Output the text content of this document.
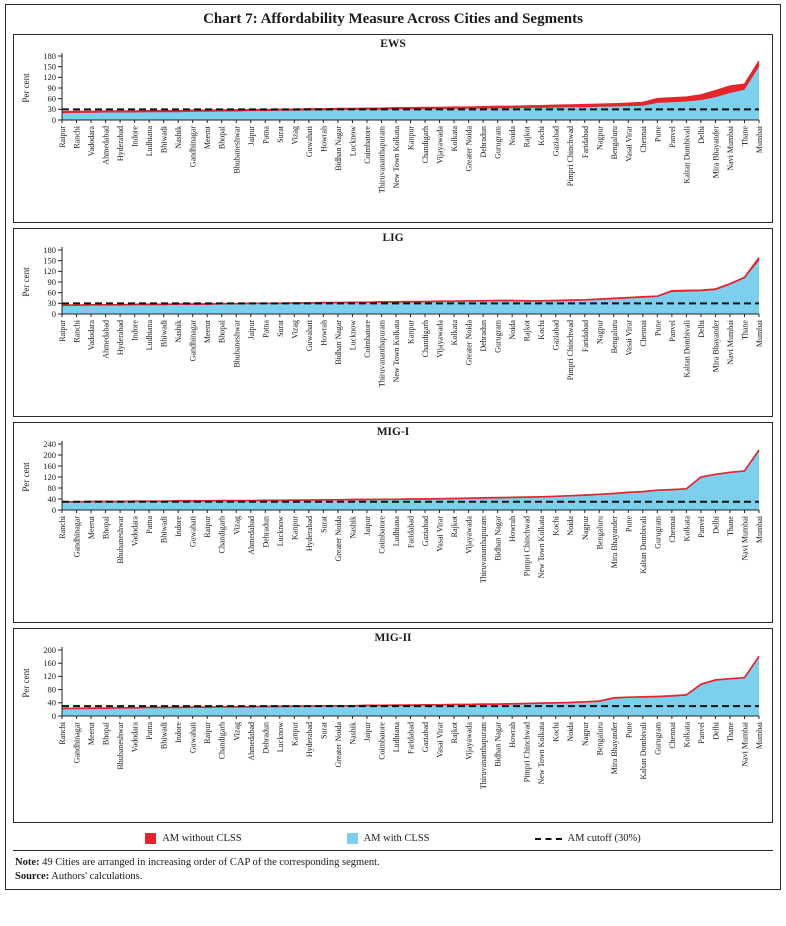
Chart 7: Affordability Measure Across Cities and Segments
EWS
0
30
60
90
120
150
180
Per cent
Raipur Ranchi Vadodara Ahmedabad Hyderabad Indore Ludhiana Bhiwadi Nashik Gandhinagar Meerut Bhopal Bhubaneshwar Jaipur Patna Surat Vizag Guwahati Howrah Bidhan Nagar Lucknow Coimbatore Thiruvananthapuram New Town Kolkata Kanpur Chandigarh Vijayawada Kolkata Greater Noida Dehradun Gurugram Noida Rajkot Kochi Gaziabad Pimpri Chinchwad Faridabad Nagpur Bengaluru Vasai Virar Chennai Pune Panvel Kaltan Dombivali Delhi Mira Bhayander Navi Mumbai Thane Mumbai
LIG
0
30
60
90
120
150
180
Per cent
Raipur Ranchi Vadodara Ahmedabad Hyderabad Indore Ludhiana Bhiwadi Nashik Gandhinagar Meerut Bhopal Bhubaneshwar Jaipur Patna Surat Vizag Guwahati Howrah Bidhan Nagar Lucknow Coimbatore Thiruvananthapuram New Town Kolkata Kanpur Chandigarh Vijayawada Kolkata Greater Noida Dehradun Gurugram Noida Rajkot Kochi Gaziabad Pimpri Chinchwad Faridabad Nagpur Bengaluru Vasai Virar Chennai Pune Panvel Kaltan Dombivali Delhi Mira Bhayander Navi Mumbai Thane Mumbai
MIG-I
0
40
80
120
160
200
240
Per cent
Ranchi Gandhinagar Meerut Bhopal Bhubaneshwar Vadodara Patna Bhiwadi Indore Guwahati Raipur Chandigarh Vizag Ahmedabad Dehradun Lucknow Kanpur Hyderabad Surat Greater Noida Nashik Jaipur Coimbatore Ludhiana Faridabad Gaziabad Vasai Virar Rajkot Vijayawada Thiruvananthapuram Bidhan Nagar Howrah Pimpri Chinchwad New Town Kolkata Kochi Noida Nagpur Bengaluru Mira Bhayander Pune Kaltan Dombivali Gurugram Chennai Kolkata Panvel Delhi Thane Navi Mumbai Mumbai
MIG-II
0
40
80
120
160
200
Per cent
Ranchi Gandhinagar Meerut Bhopal Bhubaneshwar Vadodara Patna Bhiwadi Indore Guwahati Raipur Chandigarh Vizag Ahmedabad Dehradun Lucknow Kanpur Hyderabad Surat Greater Noida Nashik Jaipur Coimbatore Ludhiana Faridabad Gaziabad Vasai Virar Rajkot Vijayawada Thiruvananthapuram Bidhan Nagar Howrah Pimpri Chinchwad New Town Kolkata Kochi Noida Nagpur Bengaluru Mira Bhayander Pune Kaltan Dombivali Gurugram Chennai Kolkata Panvel Delhi Thane Navi Mumbai Mumbai
AM without CLSS	AM with CLSS	AM cutoff (30%)
Note: 49 Cities are arranged in increasing order of CAP of the corresponding segment.
Source: Authors' calculations.
